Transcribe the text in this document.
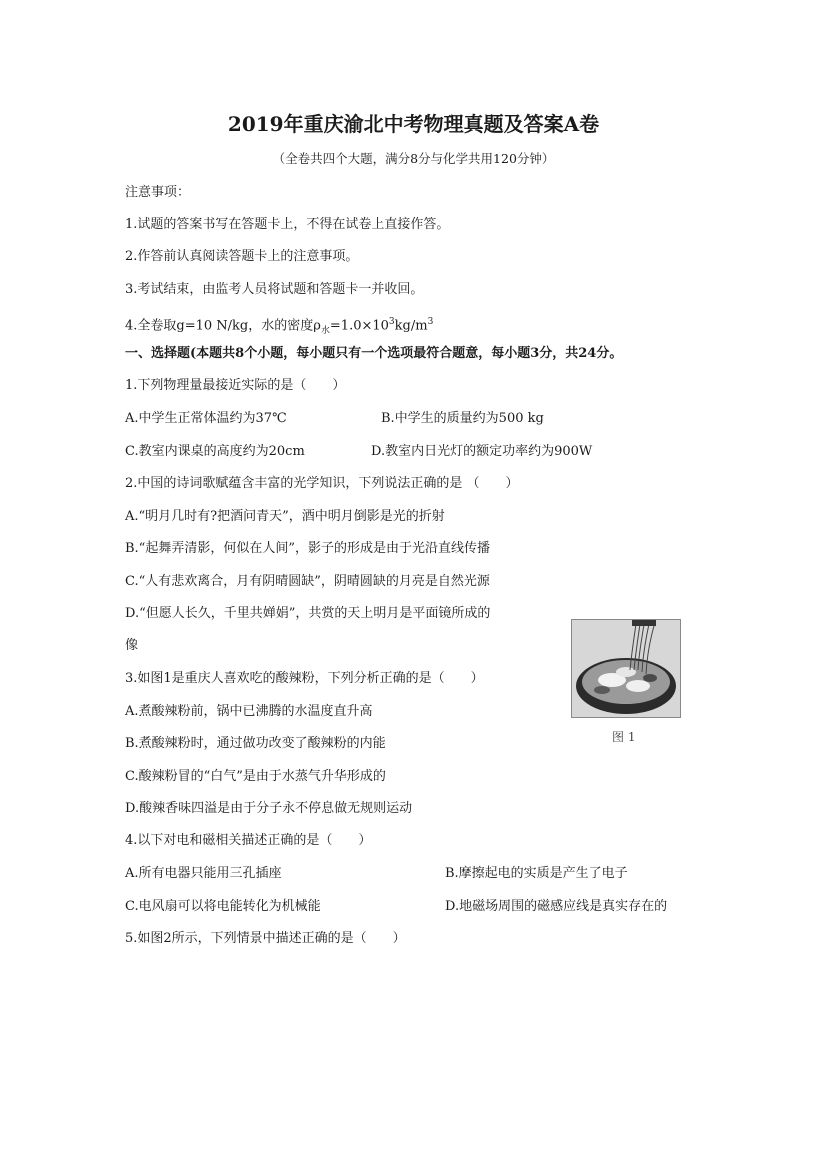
2019年重庆渝北中考物理真题及答案A卷
（全卷共四个大题，满分8分与化学共用120分钟）
注意事项：
1.试题的答案书写在答题卡上，不得在试卷上直接作答。
2.作答前认真阅读答题卡上的注意事项。
3.考试结束，由监考人员将试题和答题卡一并收回。
4.全卷取g=10 N/kg，水的密度$\rho_水=1.0\times 10^3kg/m^3$
一、选择题(本题共8个小题，每小题只有一个选项最符合题意，每小题3分，共24分。
1.下列物理量最接近实际的是（　　）
A.中学生正常体温约为37℃	B.中学生的质量约为500 kg
C.教室内课桌的高度约为20cm	D.教室内日光灯的额定功率约为900W
2.中国的诗词歌赋蕴含丰富的光学知识，下列说法正确的是 （　　）
A.“明月几时有?把酒问青天”，酒中明月倒影是光的折射
B.“起舞弄清影，何似在人间”，影子的形成是由于光沿直线传播
C.“人有悲欢离合，月有阴晴圆缺”，阴晴圆缺的月亮是自然光源
D.“但愿人长久，千里共婵娟”，共赏的天上明月是平面镜所成的
像
3.如图1是重庆人喜欢吃的酸辣粉，下列分析正确的是（　　）
A.煮酸辣粉前，锅中已沸腾的水温度直升高
B.煮酸辣粉时，通过做功改变了酸辣粉的内能
C.酸辣粉冒的“白气”是由于水蒸气升华形成的
D.酸辣香味四溢是由于分子永不停息做无规则运动
图 1
4.以下对电和磁相关描述正确的是（　　）
A.所有电器只能用三孔插座	B.摩擦起电的实质是产生了电子
C.电风扇可以将电能转化为机械能	D.地磁场周围的磁感应线是真实存在的
5.如图2所示，下列情景中描述正确的是（　　）
